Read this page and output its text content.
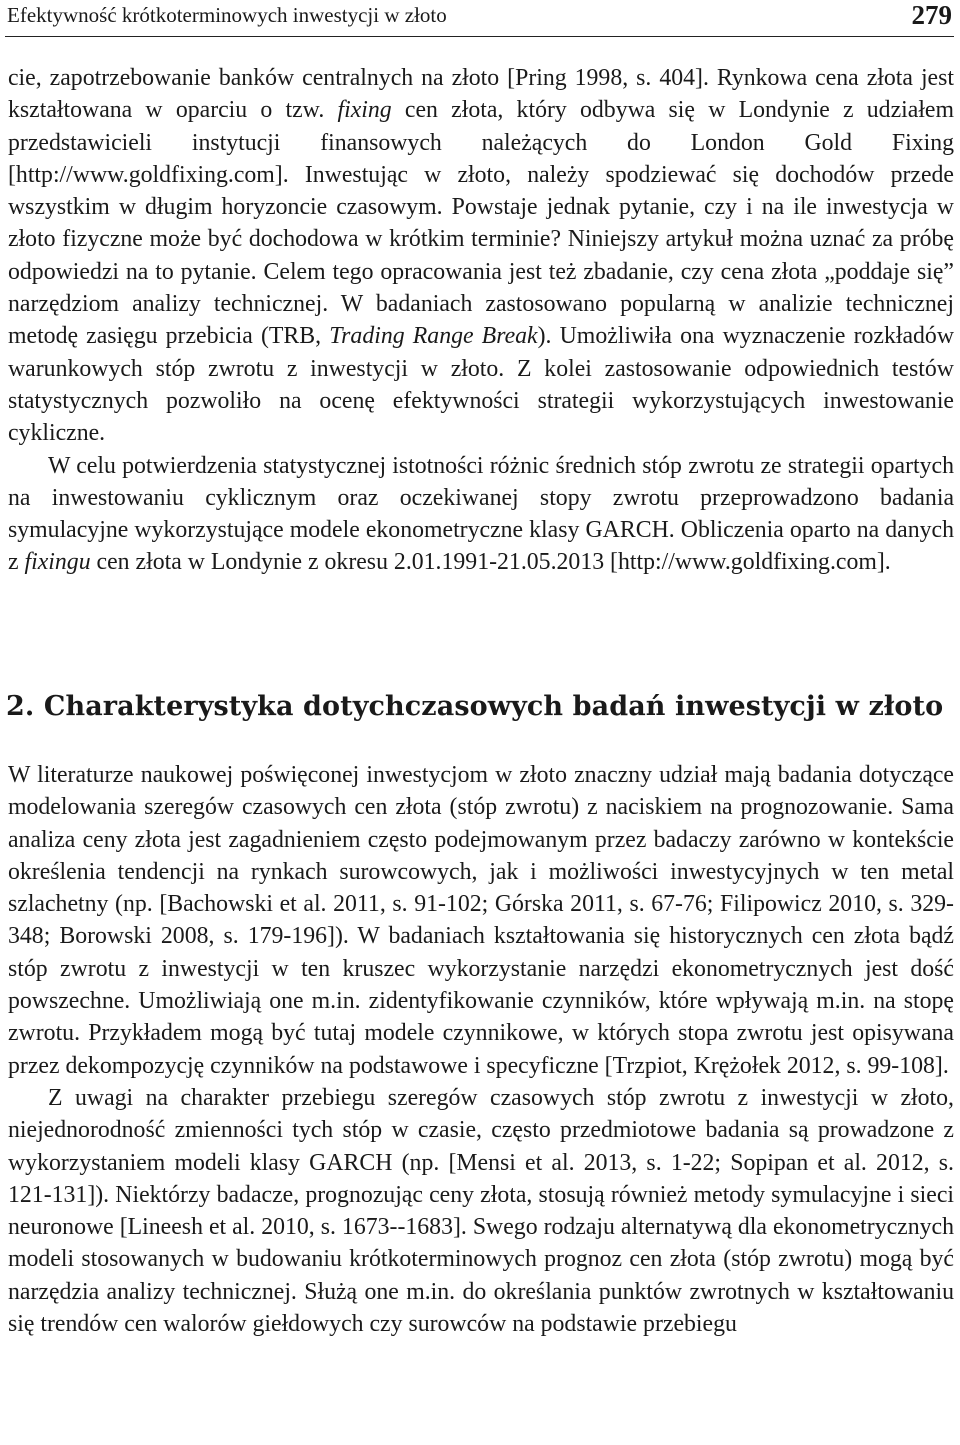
Efektywność krótkoterminowych inwestycji w złoto	279

cie, zapotrzebowanie banków centralnych na złoto [Pring 1998, s. 404]. Rynkowa cena złota jest kształtowana w oparciu o tzw. fixing cen złota, który odbywa się w Londynie z udziałem przedstawicieli instytucji finansowych należących do London Gold Fixing [http://www.goldfixing.com]. Inwestując w złoto, należy spodziewać się dochodów przede wszystkim w długim horyzoncie czasowym. Powstaje jednak pytanie, czy i na ile inwestycja w złoto fizyczne może być dochodowa w krótkim terminie? Niniejszy artykuł można uznać za próbę odpowiedzi na to pytanie. Celem tego opracowania jest też zbadanie, czy cena złota „poddaje się” narzędziom analizy technicznej. W badaniach zastosowano popularną w analizie technicznej metodę zasięgu przebicia (TRB, Trading Range Break). Umożliwiła ona wyznaczenie rozkładów warunkowych stóp zwrotu z inwestycji w złoto. Z kolei zastosowanie odpowiednich testów statystycznych pozwoliło na ocenę efektywności strategii wykorzystujących inwestowanie cykliczne.

W celu potwierdzenia statystycznej istotności różnic średnich stóp zwrotu ze strategii opartych na inwestowaniu cyklicznym oraz oczekiwanej stopy zwrotu przeprowadzono badania symulacyjne wykorzystujące modele ekonometryczne klasy GARCH. Obliczenia oparto na danych z fixingu cen złota w Londynie z okresu 2.01.1991-21.05.2013 [http://www.goldfixing.com].

2. Charakterystyka dotychczasowych badań inwestycji w złoto

W literaturze naukowej poświęconej inwestycjom w złoto znaczny udział mają badania dotyczące modelowania szeregów czasowych cen złota (stóp zwrotu) z naciskiem na prognozowanie. Sama analiza ceny złota jest zagadnieniem często podejmowanym przez badaczy zarówno w kontekście określenia tendencji na rynkach surowcowych, jak i możliwości inwestycyjnych w ten metal szlachetny (np. [Bachowski et al. 2011, s. 91-102; Górska 2011, s. 67-76; Filipowicz 2010, s. 329-348; Borowski 2008, s. 179-196]). W badaniach kształtowania się historycznych cen złota bądź stóp zwrotu z inwestycji w ten kruszec wykorzystanie narzędzi ekonometrycznych jest dość powszechne. Umożliwiają one m.in. zidentyfikowanie czynników, które wpływają m.in. na stopę zwrotu. Przykładem mogą być tutaj modele czynnikowe, w których stopa zwrotu jest opisywana przez dekompozycję czynników na podstawowe i specyficzne [Trzpiot, Krężołek 2012, s. 99-108].

Z uwagi na charakter przebiegu szeregów czasowych stóp zwrotu z inwestycji w złoto, niejednorodność zmienności tych stóp w czasie, często przedmiotowe badania są prowadzone z wykorzystaniem modeli klasy GARCH (np. [Mensi et al. 2013, s. 1-22; Sopipan et al. 2012, s. 121-131]). Niektórzy badacze, prognozując ceny złota, stosują również metody symulacyjne i sieci neuronowe [Lineesh et al. 2010, s. 1673--1683]. Swego rodzaju alternatywą dla ekonometrycznych modeli stosowanych w budowaniu krótkoterminowych prognoz cen złota (stóp zwrotu) mogą być narzędzia analizy technicznej. Służą one m.in. do określania punktów zwrotnych w kształtowaniu się trendów cen walorów giełdowych czy surowców na podstawie przebiegu
